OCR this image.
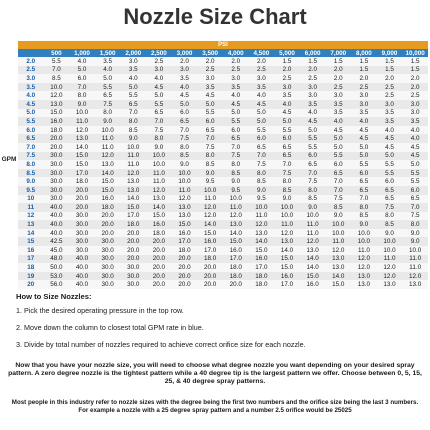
Nozzle Size Chart
GPM
PSI
	500	1,000	1,500	2,000	2,500	3,000	3,500	4,000	4,500	5,000	6,000	7,000	8,000	9,000	10,000
2.0	5.5	4.0	3.5	3.0	2.5	2.0	2.0	2.0	2.0	1.5	1.5	1.5	1.5	1.5	1.5
2.5	7.0	5.0	4.0	3.5	3.0	3.0	2.5	2.5	2.5	2.0	2.0	2.0	1.5	1.5	1.5
3.0	8.5	6.0	5.0	4.0	4.0	3.5	3.0	3.0	3.0	2.5	2.5	2.0	2.0	2.0	2.0
3.5	10.0	7.0	5.5	5.0	4.5	4.0	3.5	3.5	3.5	3.0	3.0	2.5	2.5	2.5	2.0
4.0	12.0	8.0	6.5	5.5	5.0	4.5	4.5	4.0	4.0	3.5	3.0	3.0	3.0	2.5	2.5
4.5	13.0	9.0	7.5	6.5	5.5	5.0	5.0	4.5	4.5	4.0	3.5	3.5	3.0	3.0	3.0
5.0	15.0	10.0	8.0	7.0	6.5	6.0	5.5	5.0	5.0	4.5	4.0	3.5	3.5	3.5	3.0
5.5	16.0	11.0	9.0	8.0	7.0	6.5	6.0	5.5	5.0	5.0	4.5	4.0	4.0	3.5	3.5
6.0	18.0	12.0	10.0	8.5	7.5	7.0	6.5	6.0	5.5	5.5	5.0	4.5	4.5	4.0	4.0
6.5	20.0	13.0	11.0	9.0	8.0	7.5	7.0	6.5	6.0	6.0	5.5	5.0	4.5	4.5	4.0
7.0	20.0	14.0	11.0	10.0	9.0	8.0	7.5	7.0	6.5	6.5	5.5	5.0	5.0	4.5	4.5
7.5	30.0	15.0	12.0	11.0	10.0	8.5	8.0	7.5	7.0	6.5	6.0	5.5	5.0	5.0	4.5
8.0	30.0	15.0	13.0	11.0	10.0	9.0	8.5	8.0	7.5	7.0	6.5	6.0	5.5	5.5	5.0
8.5	30.0	17.0	14.0	12.0	11.0	10.0	9.0	8.5	8.0	7.5	7.0	6.5	6.0	5.5	5.5
9.0	30.0	18.0	15.0	13.0	11.0	10.0	9.5	9.0	8.5	8.0	7.5	7.0	6.5	6.0	5.5
9.5	30.0	20.0	15.0	13.0	12.0	11.0	10.0	9.5	9.0	8.5	8.0	7.0	6.5	6.5	6.0
10	30.0	20.0	16.0	14.0	13.0	12.0	11.0	10.0	9.5	9.0	8.5	7.5	7.0	6.5	6.5
11	40.0	20.0	18.0	15.0	14.0	13.0	12.0	11.0	10.0	10.0	9.0	8.5	8.0	7.5	7.0
12	40.0	30.0	20.0	17.0	15.0	13.0	12.0	12.0	11.0	10.0	10.0	9.0	8.5	8.0	7.5
13	40.0	30.0	20.0	18.0	16.0	15.0	14.0	13.0	12.0	11.0	11.0	10.0	9.0	8.5	8.0
14	40.0	30.0	20.0	20.0	18.0	16.0	15.0	14.0	13.0	12.0	11.0	10.0	10.0	9.0	9.0
15	42.5	30.0	30.0	20.0	20.0	17.0	16.0	15.0	14.0	13.0	12.0	11.0	10.0	10.0	9.0
16	45.0	30.0	30.0	20.0	20.0	18.0	17.0	16.0	15.0	14.0	13.0	12.0	11.0	10.0	10.0
17	48.0	40.0	30.0	20.0	20.0	20.0	18.0	17.0	16.0	15.0	14.0	13.0	12.0	11.0	11.0
18	50.0	40.0	30.0	30.0	20.0	20.0	20.0	18.0	17.0	15.0	14.0	13.0	12.0	12.0	11.0
19	53.0	40.0	30.0	30.0	20.0	20.0	20.0	18.0	18.0	16.0	15.0	14.0	13.0	12.0	12.0
20	56.0	40.0	30.0	30.0	20.0	20.0	20.0	20.0	18.0	17.0	16.0	15.0	13.0	13.0	13.0
How to Size Nozzles:
1. Pick the desired operating pressure in the top row.
2. Move down the column to closest total GPM rate in blue.
3. Divide by total number of nozzles required to achieve correct orifice size for each nozzle.
Now that you have your nozzle size, you will need to choose what degree nozzle you want depending on your desired spray pattern. A zero degree nozzle is the tightest pattern while a 40 degree tip is the largest pattern we offer. Choose between 0, 5, 15, 25, & 40 degree spray patterns.
Most people in this industry refer to nozzle sizes with the degree being the first two numbers and the orifice size being the last 3 numbers. For example a nozzle with a 25 degree spray pattern and a number 2.5 orifice would be 25025
